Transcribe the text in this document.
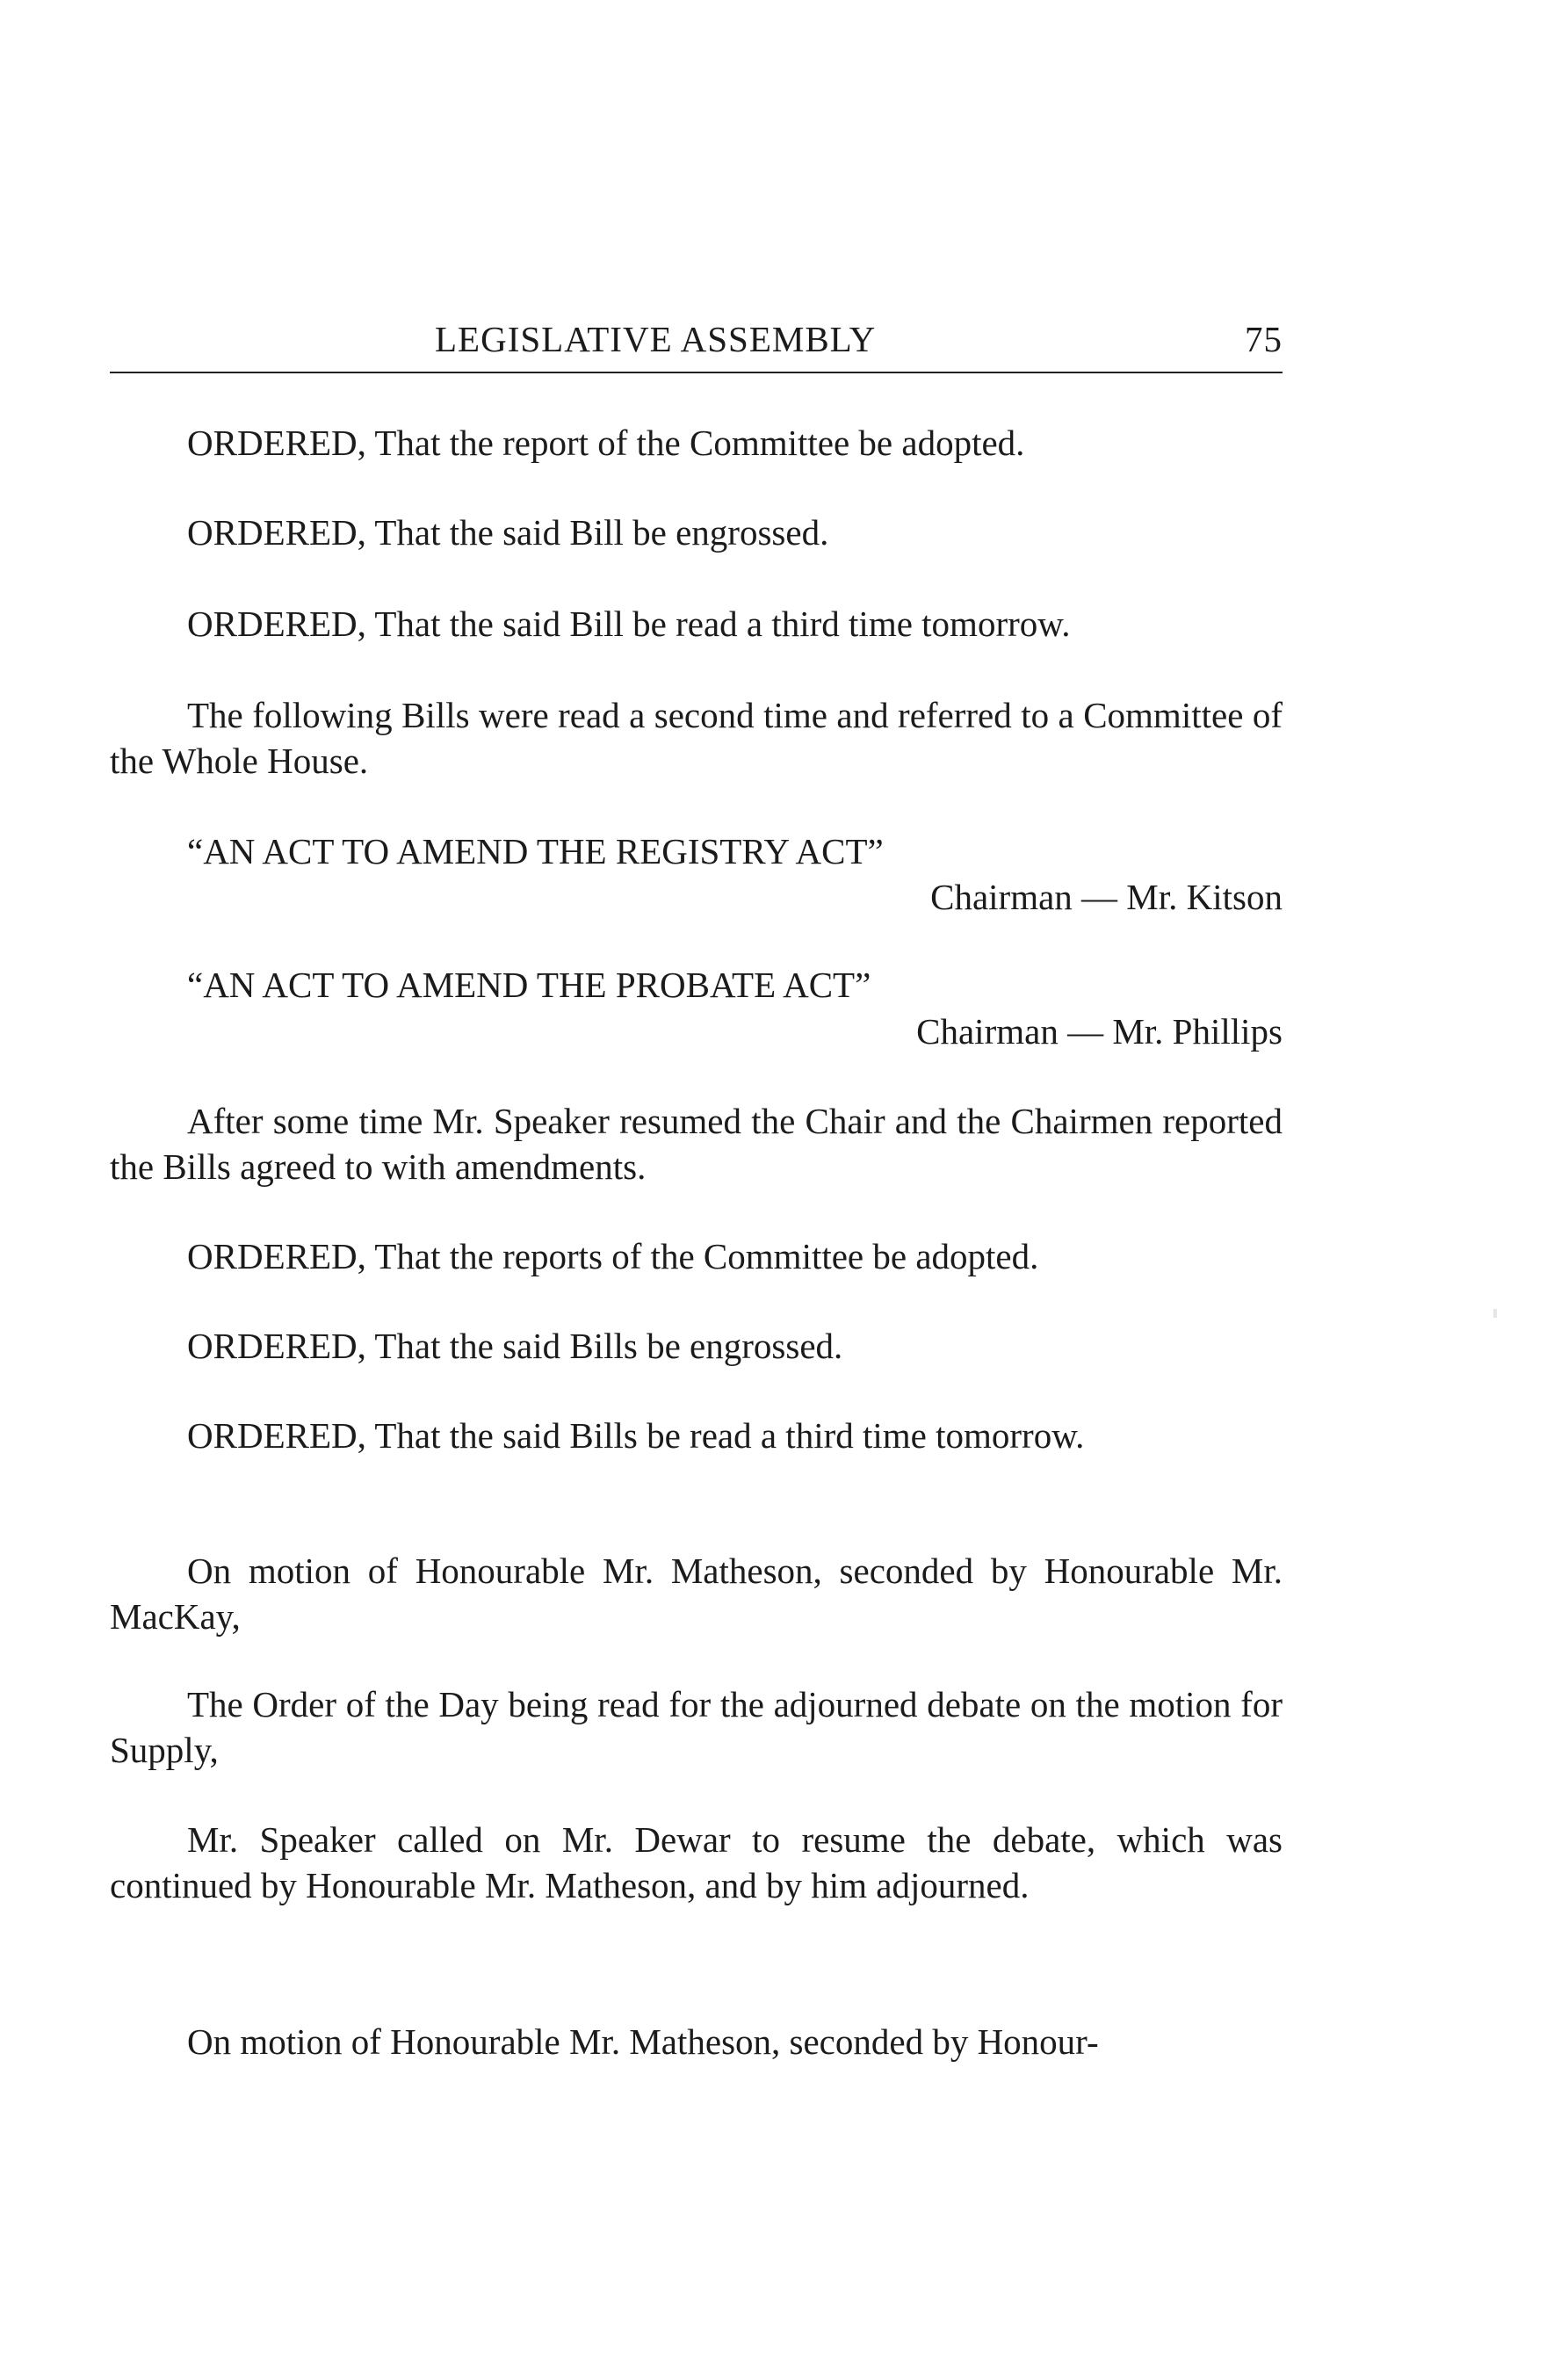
LEGISLATIVE ASSEMBLY	75

ORDERED, That the report of the Committee be adopted.

ORDERED, That the said Bill be engrossed.

ORDERED, That the said Bill be read a third time tomorrow.

The following Bills were read a second time and referred to a Committee of the Whole House.

“AN ACT TO AMEND THE REGISTRY ACT”
Chairman — Mr. Kitson
“AN ACT TO AMEND THE PROBATE ACT”
Chairman — Mr. Phillips

After some time Mr. Speaker resumed the Chair and the Chairmen reported the Bills agreed to with amendments.

ORDERED, That the reports of the Committee be adopted.

ORDERED, That the said Bills be engrossed.

ORDERED, That the said Bills be read a third time tomorrow.

On motion of Honourable Mr. Matheson, seconded by Honourable Mr. MacKay,

The Order of the Day being read for the adjourned debate on the motion for Supply,

Mr. Speaker called on Mr. Dewar to resume the debate, which was continued by Honourable Mr. Matheson, and by him adjourned.

On motion of Honourable Mr. Matheson, seconded by Honour-
